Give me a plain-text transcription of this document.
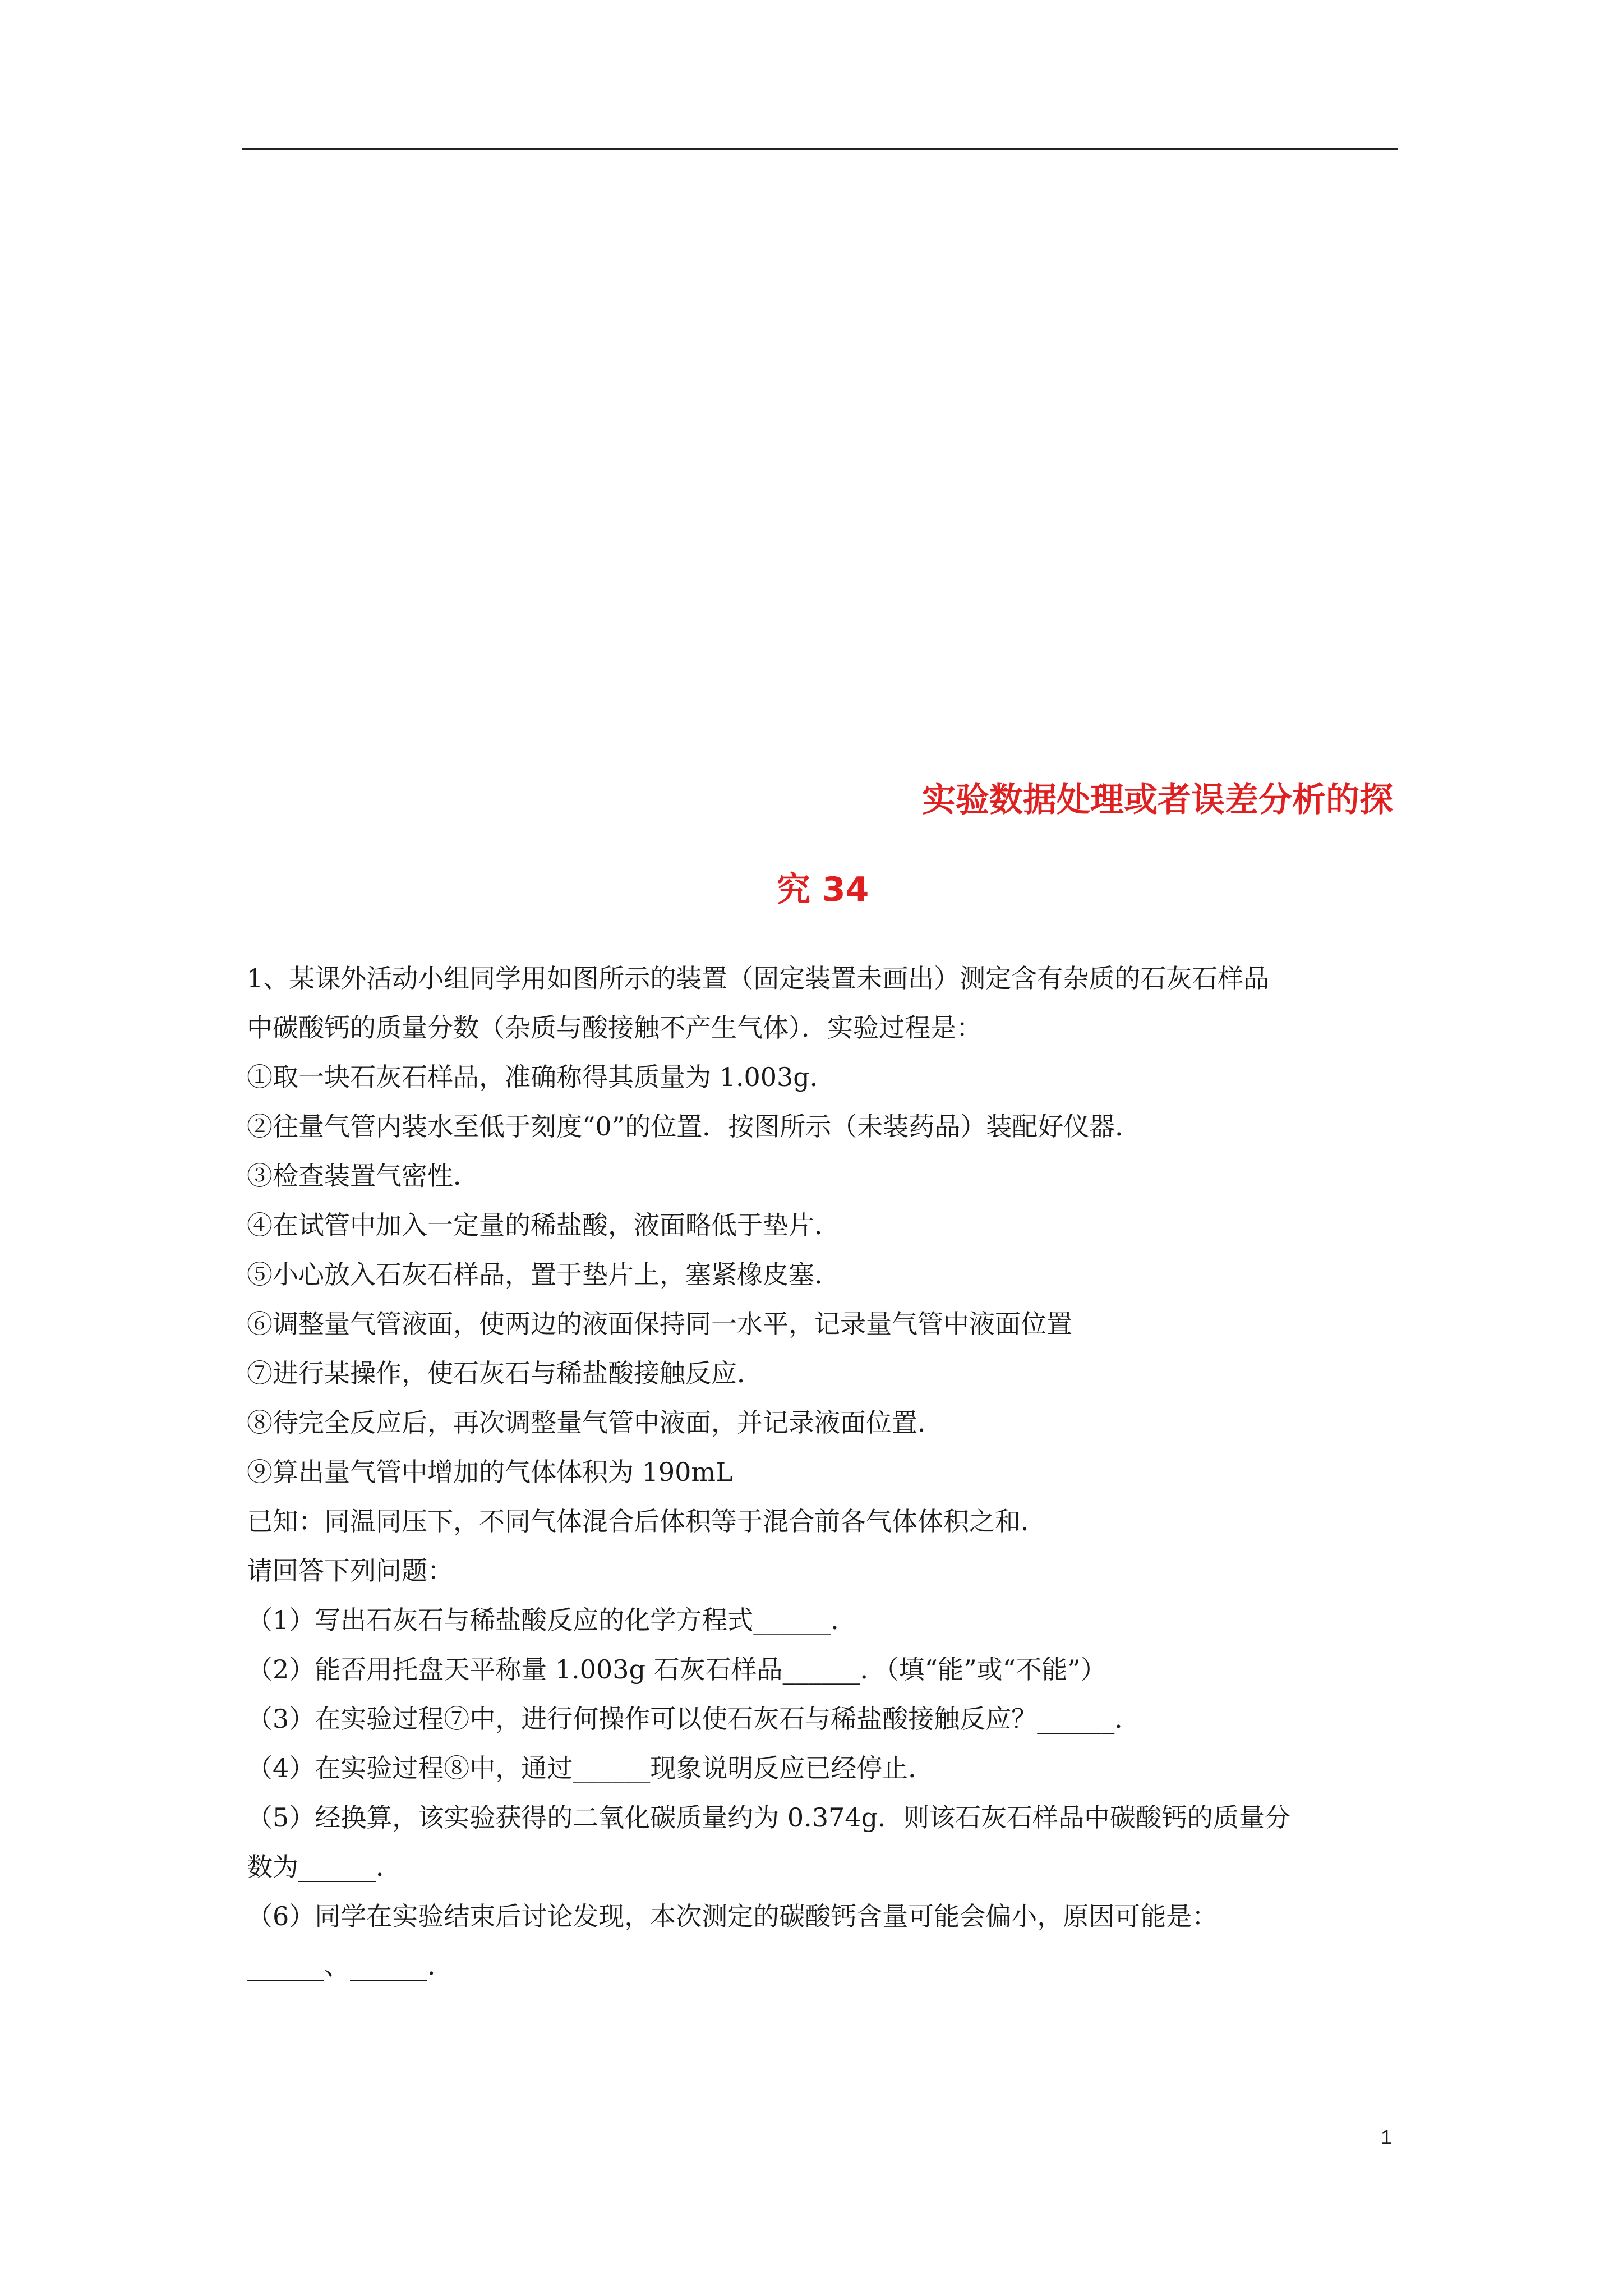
实验数据处理或者误差分析的探
究 34

1、某课外活动小组同学用如图所示的装置（固定装置未画出）测定含有杂质的石灰石样品

中碳酸钙的质量分数（杂质与酸接触不产生气体）．实验过程是：

①取一块石灰石样品，准确称得其质量为 1.003g．

②往量气管内装水至低于刻度“0”的位置．按图所示（未装药品）装配好仪器．

③检查装置气密性．

④在试管中加入一定量的稀盐酸，液面略低于垫片．

⑤小心放入石灰石样品，置于垫片上，塞紧橡皮塞．

⑥调整量气管液面，使两边的液面保持同一水平，记录量气管中液面位置

⑦进行某操作，使石灰石与稀盐酸接触反应．

⑧待完全反应后，再次调整量气管中液面，并记录液面位置．

⑨算出量气管中增加的气体体积为 190mL

已知：同温同压下，不同气体混合后体积等于混合前各气体体积之和．

请回答下列问题：

（1）写出石灰石与稀盐酸反应的化学方程式______．

（2）能否用托盘天平称量 1.003g 石灰石样品______．（填“能”或“不能”）

（3）在实验过程⑦中，进行何操作可以使石灰石与稀盐酸接触反应？______．

（4）在实验过程⑧中，通过______现象说明反应已经停止．

（5）经换算，该实验获得的二氧化碳质量约为 0.374g．则该石灰石样品中碳酸钙的质量分

数为______．

（6）同学在实验结束后讨论发现，本次测定的碳酸钙含量可能会偏小，原因可能是：

______、______．

1
